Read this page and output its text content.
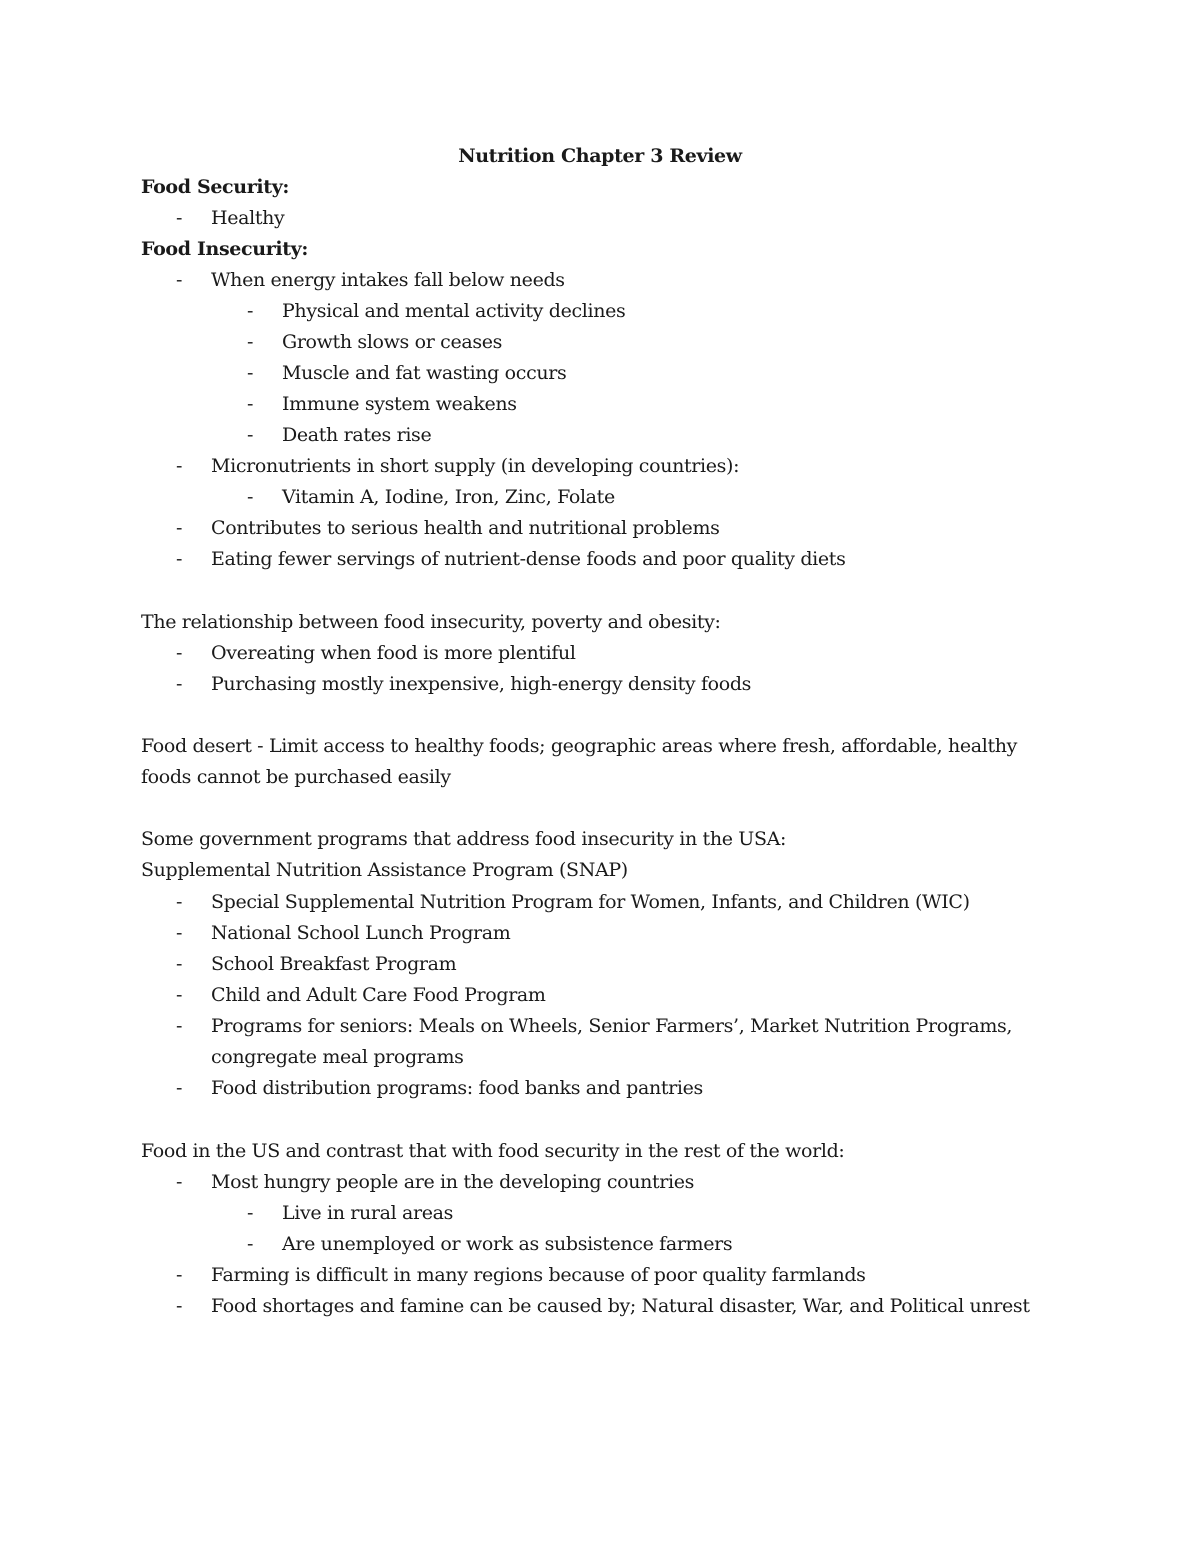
Nutrition Chapter 3 Review
Food Security:
- Healthy
Food Insecurity:
- When energy intakes fall below needs
- Physical and mental activity declines
- Growth slows or ceases
- Muscle and fat wasting occurs
- Immune system weakens
- Death rates rise
- Micronutrients in short supply (in developing countries):
- Vitamin A, Iodine, Iron, Zinc, Folate
- Contributes to serious health and nutritional problems
- Eating fewer servings of nutrient-dense foods and poor quality diets
The relationship between food insecurity, poverty and obesity:
- Overeating when food is more plentiful
- Purchasing mostly inexpensive, high-energy density foods
Food desert - Limit access to healthy foods; geographic areas where fresh, affordable, healthy
foods cannot be purchased easily
Some government programs that address food insecurity in the USA:
Supplemental Nutrition Assistance Program (SNAP)
- Special Supplemental Nutrition Program for Women, Infants, and Children (WIC)
- National School Lunch Program
- School Breakfast Program
- Child and Adult Care Food Program
- Programs for seniors: Meals on Wheels, Senior Farmers’, Market Nutrition Programs,
congregate meal programs
- Food distribution programs: food banks and pantries
Food in the US and contrast that with food security in the rest of the world:
- Most hungry people are in the developing countries
- Live in rural areas
- Are unemployed or work as subsistence farmers
- Farming is difficult in many regions because of poor quality farmlands
- Food shortages and famine can be caused by; Natural disaster, War, and Political unrest
